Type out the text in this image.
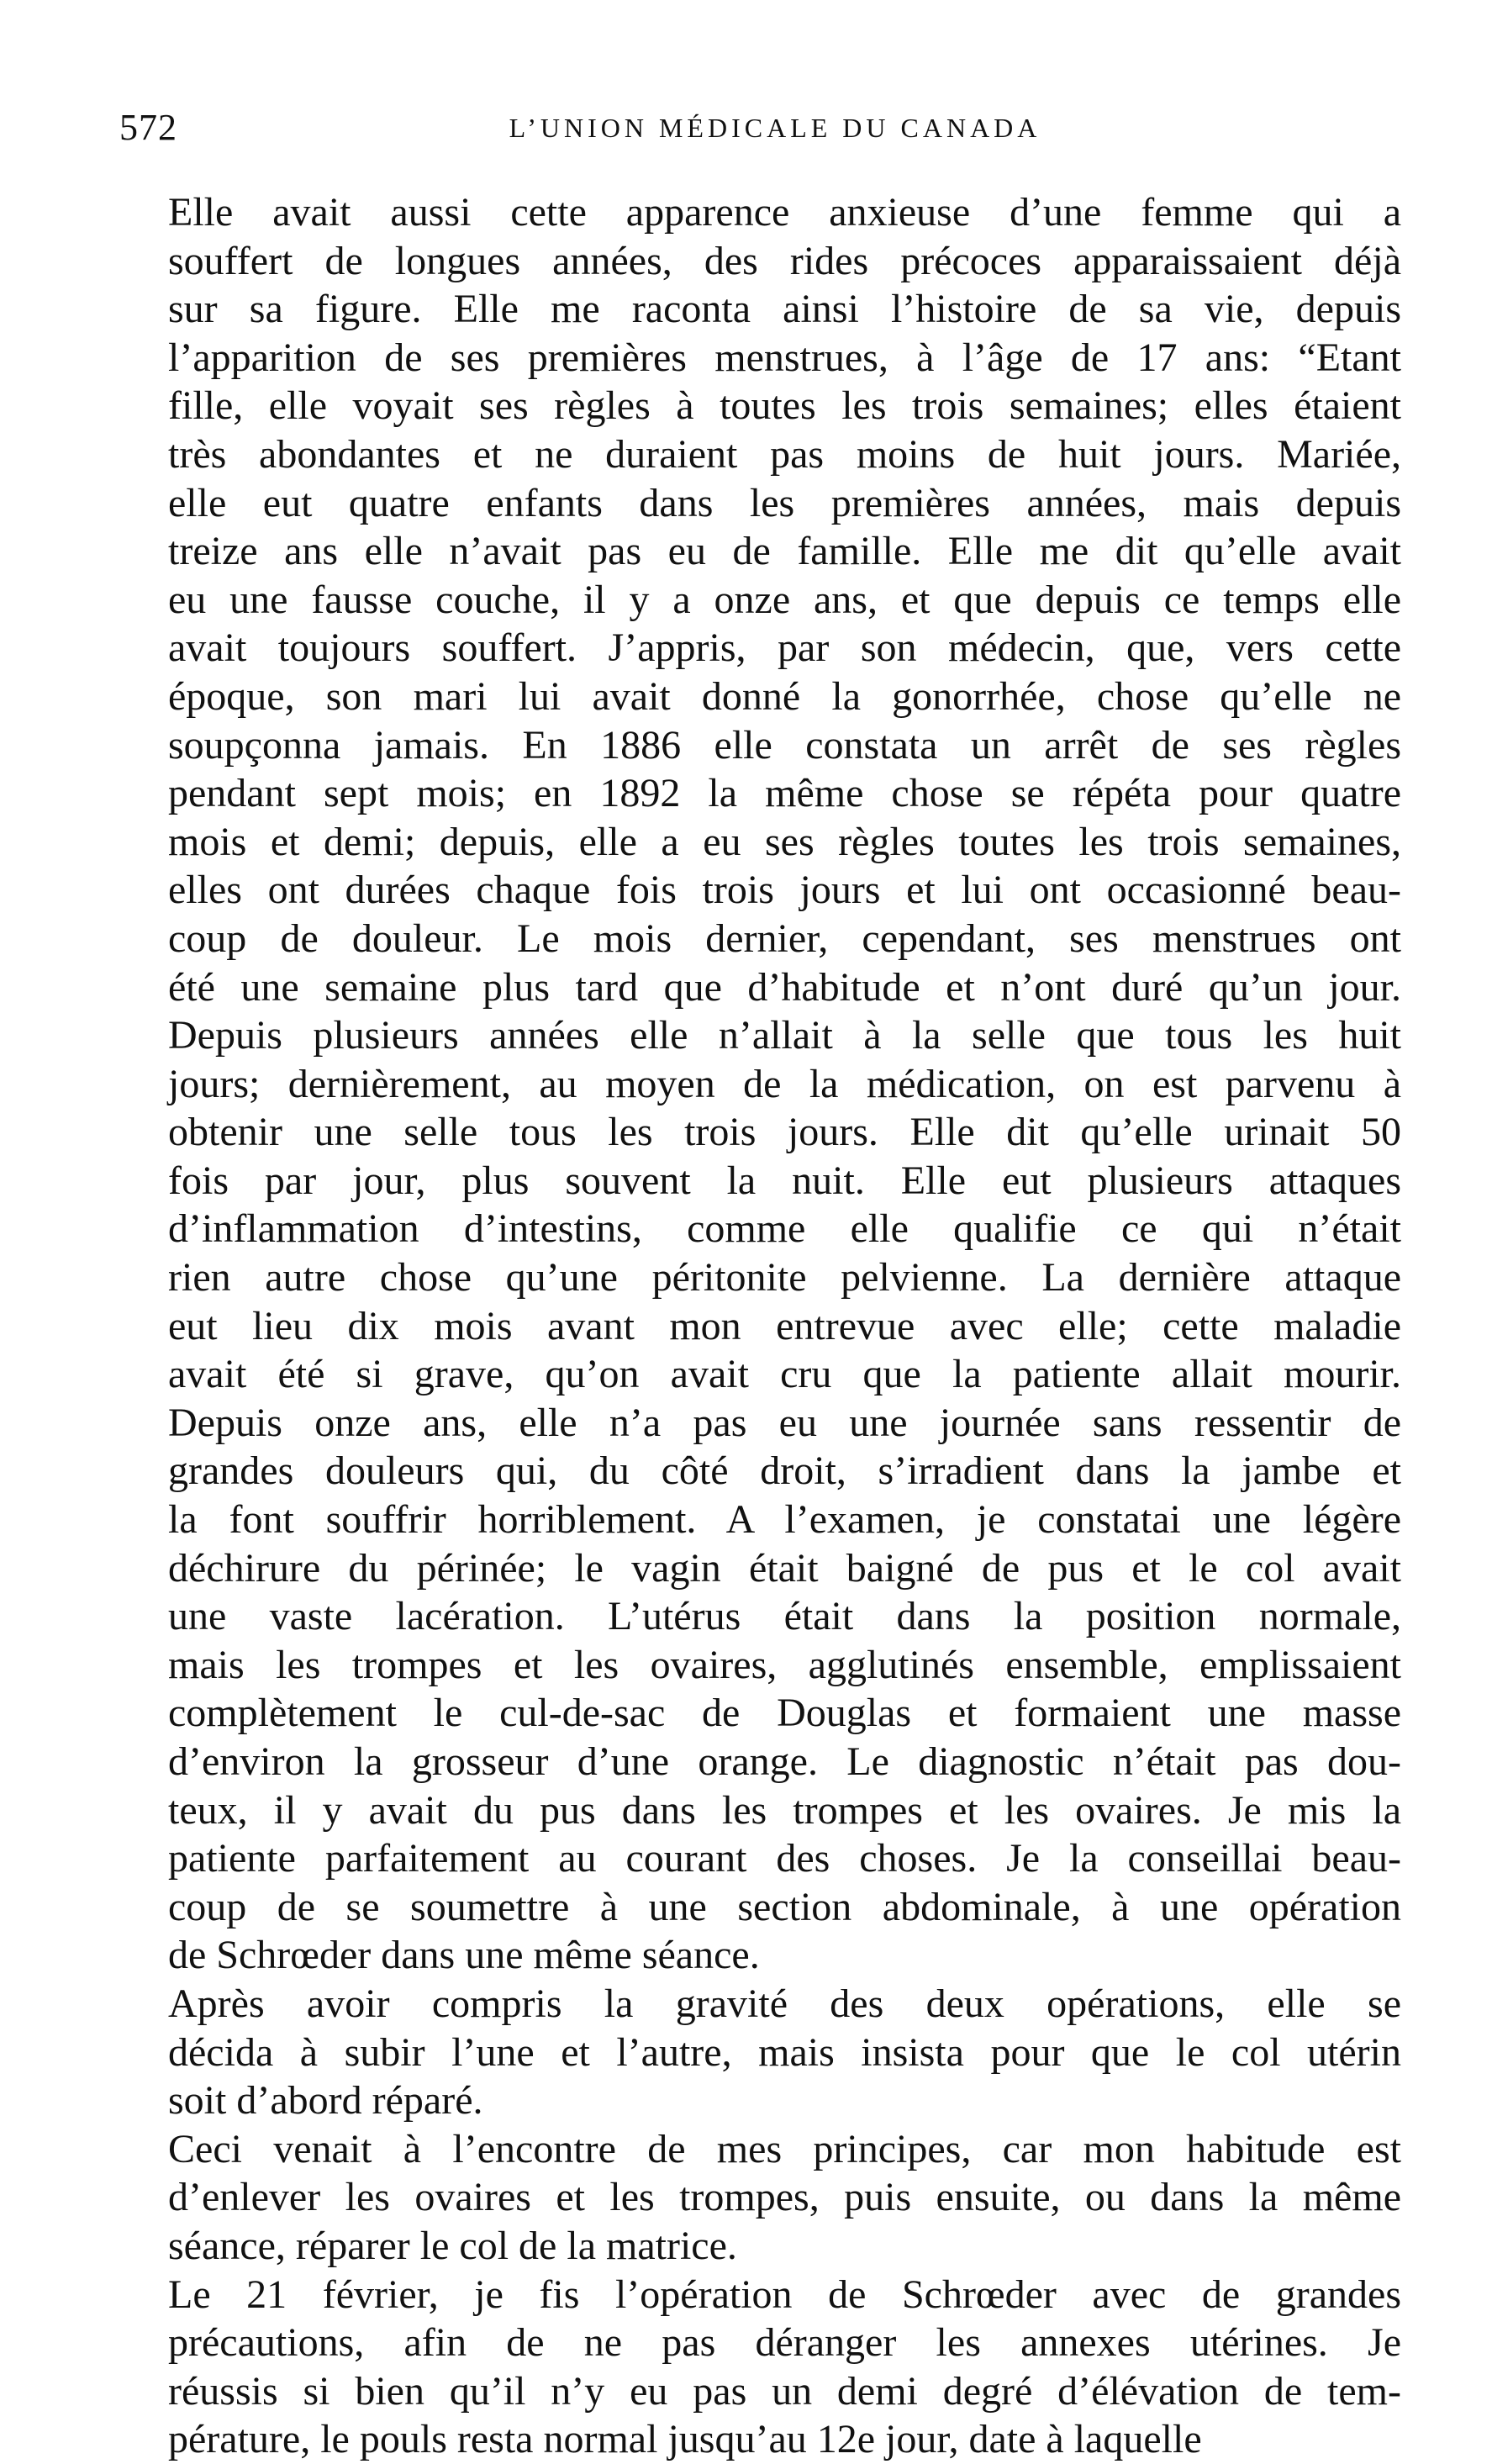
572	L’UNION MÉDICALE DU CANADA

Elle avait aussi cette apparence anxieuse d’une femme qui a
souffert de longues années, des rides précoces apparaissaient déjà
sur sa figure. Elle me raconta ainsi l’histoire de sa vie, depuis
l’apparition de ses premières menstrues, à l’âge de 17 ans: “Etant
fille, elle voyait ses règles à toutes les trois semaines; elles étaient
très abondantes et ne duraient pas moins de huit jours. Mariée,
elle eut quatre enfants dans les premières années, mais depuis
treize ans elle n’avait pas eu de famille. Elle me dit qu’elle avait
eu une fausse couche, il y a onze ans, et que depuis ce temps elle
avait toujours souffert. J’appris, par son médecin, que, vers cette
époque, son mari lui avait donné la gonorrhée, chose qu’elle ne
soupçonna jamais. En 1886 elle constata un arrêt de ses règles
pendant sept mois; en 1892 la même chose se répéta pour quatre
mois et demi; depuis, elle a eu ses règles toutes les trois semaines,
elles ont durées chaque fois trois jours et lui ont occasionné beau-
coup de douleur. Le mois dernier, cependant, ses menstrues ont
été une semaine plus tard que d’habitude et n’ont duré qu’un jour.
Depuis plusieurs années elle n’allait à la selle que tous les huit
jours; dernièrement, au moyen de la médication, on est parvenu à
obtenir une selle tous les trois jours. Elle dit qu’elle urinait 50
fois par jour, plus souvent la nuit. Elle eut plusieurs attaques
d’inflammation d’intestins, comme elle qualifie ce qui n’était
rien autre chose qu’une péritonite pelvienne. La dernière attaque
eut lieu dix mois avant mon entrevue avec elle; cette maladie
avait été si grave, qu’on avait cru que la patiente allait mourir.
Depuis onze ans, elle n’a pas eu une journée sans ressentir de
grandes douleurs qui, du côté droit, s’irradient dans la jambe et
la font souffrir horriblement. A l’examen, je constatai une légère
déchirure du périnée; le vagin était baigné de pus et le col avait
une vaste lacération. L’utérus était dans la position normale,
mais les trompes et les ovaires, agglutinés ensemble, emplissaient
complètement le cul-de-sac de Douglas et formaient une masse
d’environ la grosseur d’une orange. Le diagnostic n’était pas dou-
teux, il y avait du pus dans les trompes et les ovaires. Je mis la
patiente parfaitement au courant des choses. Je la conseillai beau-
coup de se soumettre à une section abdominale, à une opération
de Schrœder dans une même séance.

Après avoir compris la gravité des deux opérations, elle se
décida à subir l’une et l’autre, mais insista pour que le col utérin
soit d’abord réparé.

Ceci venait à l’encontre de mes principes, car mon habitude est
d’enlever les ovaires et les trompes, puis ensuite, ou dans la même
séance, réparer le col de la matrice.

Le 21 février, je fis l’opération de Schrœder avec de grandes
précautions, afin de ne pas déranger les annexes utérines. Je
réussis si bien qu’il n’y eu pas un demi degré d’élévation de tem-
pérature, le pouls resta normal jusqu’au 12e jour, date à laquelle
